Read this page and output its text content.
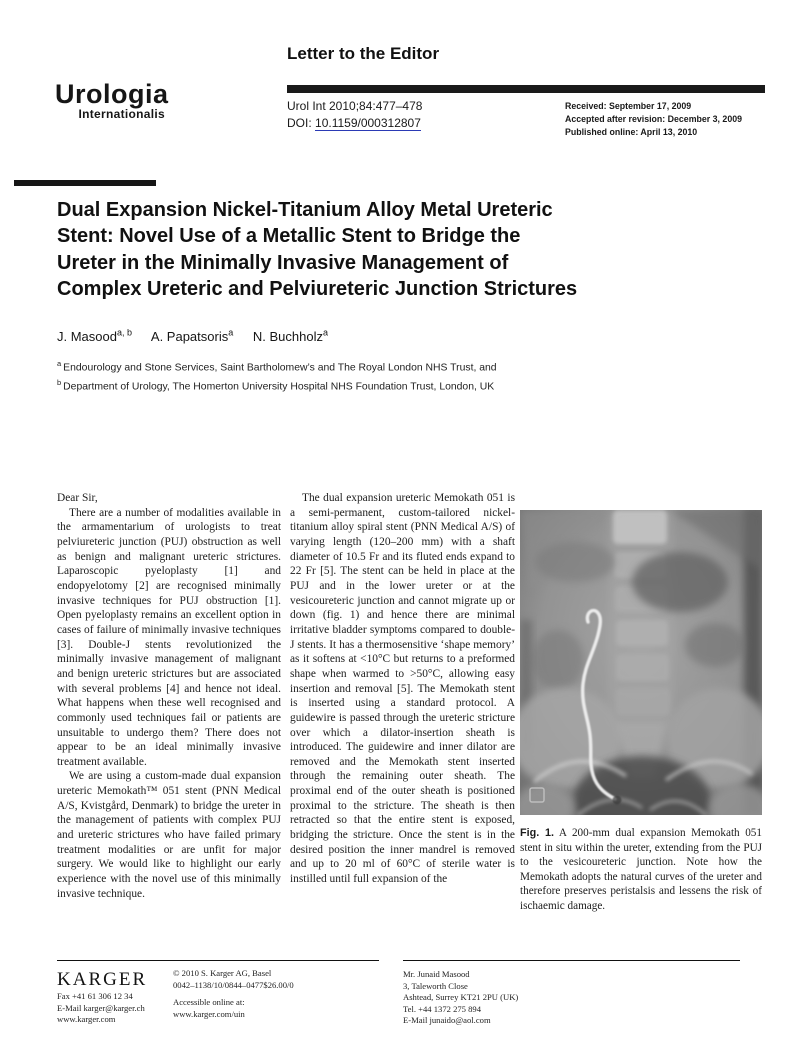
Urologia
Internationalis
Letter to the Editor
Urol Int 2010;84:477–478
DOI: 10.1159/000312807
Received: September 17, 2009
Accepted after revision: December 3, 2009
Published online: April 13, 2010
Dual Expansion Nickel-Titanium Alloy Metal Ureteric
Stent: Novel Use of a Metallic Stent to Bridge the
Ureter in the Minimally Invasive Management of
Complex Ureteric and Pelviureteric Junction Strictures
J. Masood$^{a, b}$ A. Papatsoris$^a$ N. Buchholz$^a$
$^a$ Endourology and Stone Services, Saint Bartholomew’s and The Royal London NHS Trust, and
$^b$ Department of Urology, The Homerton University Hospital NHS Foundation Trust, London, UK

Dear Sir,

There are a number of modalities available in the armamentarium of urologists to treat pelviureteric junction (PUJ) obstruction as well as benign and malignant ureteric strictures. Laparoscopic pyeloplasty [1] and endopyelotomy [2] are recognised minimally invasive techniques for PUJ obstruction [1]. Open pyeloplasty remains an excellent option in cases of failure of minimally invasive techniques [3]. Double-J stents revolutionized the minimally invasive management of malignant and benign ureteric strictures but are associated with several problems [4] and hence not ideal. What happens when these well recognised and commonly used techniques fail or patients are unsuitable to undergo them? There does not appear to be an ideal minimally invasive treatment available.

We are using a custom-made dual expansion ureteric Memokath™ 051 stent (PNN Medical A/S, Kvistgård, Denmark) to bridge the ureter in the management of patients with complex PUJ and ureteric strictures who have failed primary treatment modalities or are unfit for major surgery. We would like to highlight our early experience with the novel use of this minimally invasive technique.

The dual expansion ureteric Memokath 051 is a semi-permanent, custom-tailored nickel-titanium alloy spiral stent (PNN Medical A/S) of varying length (120–200 mm) with a shaft diameter of 10.5 Fr and its fluted ends expand to 22 Fr [5]. The stent can be held in place at the PUJ and in the lower ureter or at the vesicoureteric junction and cannot migrate up or down (fig. 1) and hence there are minimal irritative bladder symptoms compared to double-J stents. It has a thermosensitive ‘shape memory’ as it softens at <10°C but returns to a preformed shape when warmed to >50°C, allowing easy insertion and removal [5]. The Memokath stent is inserted using a standard protocol. A guidewire is passed through the ureteric stricture over which a dilator-insertion sheath is introduced. The guidewire and inner dilator are removed and the Memokath stent inserted through the remaining outer sheath. The proximal end of the outer sheath is positioned proximal to the stricture. The sheath is then retracted so that the entire stent is exposed, bridging the stricture. Once the stent is in the desired position the inner mandrel is removed and up to 20 ml of 60°C of sterile water is instilled until full expansion of the

Fig. 1. A 200-mm dual expansion Memokath 051 stent in situ within the ureter, extending from the PUJ to the vesicoureteric junction. Note how the Memokath adopts the natural curves of the ureter and therefore preserves peristalsis and lessens the risk of ischaemic damage.
KARGER
Fax +41 61 306 12 34
E-Mail karger@karger.ch
www.karger.com
© 2010 S. Karger AG, Basel
0042–1138/10/0844–0477$26.00/0
Accessible online at:
www.karger.com/uin
Mr. Junaid Masood
3, Taleworth Close
Ashtead, Surrey KT21 2PU (UK)
Tel. +44 1372 275 894
E-Mail junaido@aol.com
